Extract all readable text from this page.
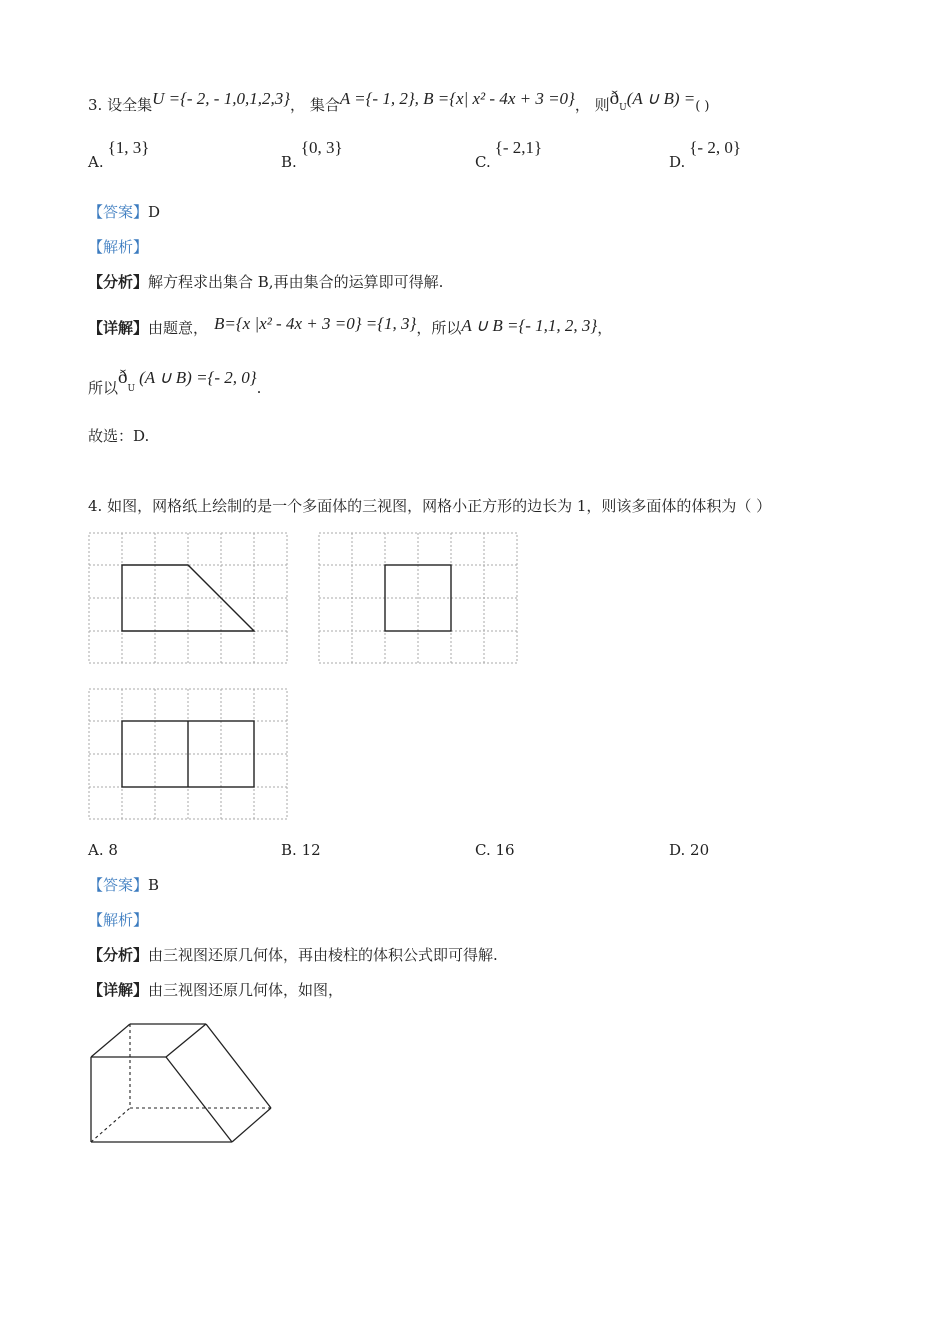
3. 设全集U ={- 2, - 1,0,1,2,3}， 集合A ={- 1, 2}, B ={x| x² - 4x + 3 =0}， 则$ð_U(A$ ∪ B) =( )
A.{1, 3}
B.{0, 3}
C.{- 2,1}
D.{- 2, 0}
【答案】D
【解析】
【分析】解方程求出集合 B,再由集合的运算即可得解.
【详解】由题意， B={x |x² - 4x + 3 =0} ={1, 3}，所以A ∪ B ={- 1,1, 2, 3}，
所以$ð_U(A$ ∪ B) ={- 2, 0}.
故选：D.
4. 如图，网格纸上绘制的是一个多面体的三视图，网格小正方形的边长为 1，则该多面体的体积为（ ）
A. 8	B. 12	C. 16	D. 20
【答案】B
【解析】
【分析】由三视图还原几何体，再由棱柱的体积公式即可得解.
【详解】由三视图还原几何体，如图，
